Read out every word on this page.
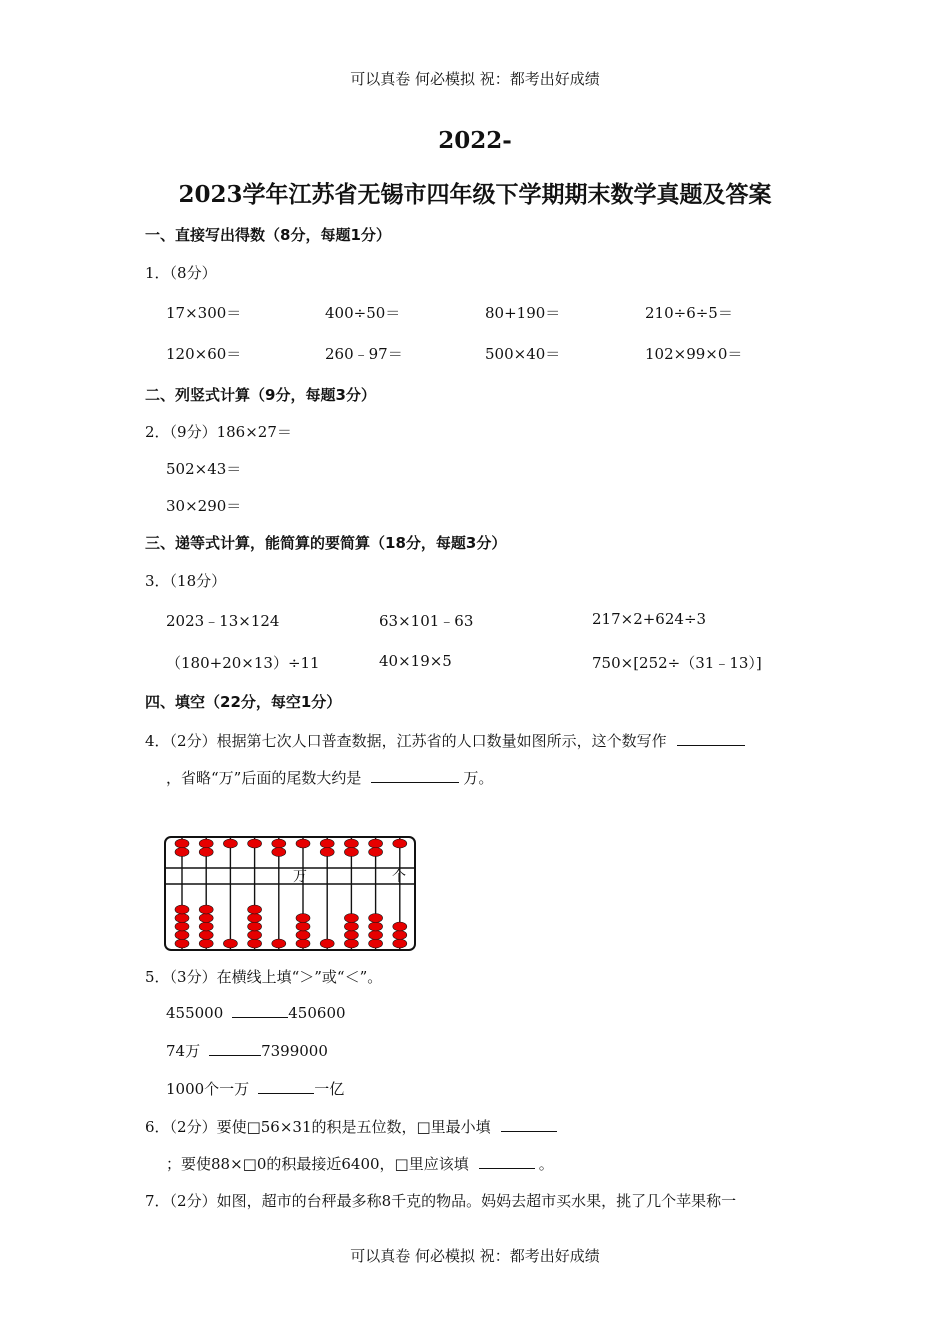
可以真卷 何必模拟 祝：都考出好成绩
2022-
2023学年江苏省无锡市四年级下学期期末数学真题及答案
一、直接写出得数（8分，每题1分）
1．（8分）
17×300＝	400÷50＝	80+190＝	210÷6÷5＝
120×60＝	260﹣97＝	500×40＝	102×99×0＝
二、列竖式计算（9分，每题3分）
2．（9分）186×27＝
502×43＝
30×290＝
三、递等式计算，能简算的要简算（18分，每题3分）
3．（18分）
2023﹣13×124	63×101﹣63	217×2+624÷3
（180+20×13）÷11	40×19×5	750×[252÷（31﹣13）]
四、填空（22分，每空1分）
4．（2分）根据第七次人口普查数据，江苏省的人口数量如图所示，这个数写作
，省略“万”后面的尾数大约是	万。
万	个
5．（3分）在横线上填“＞”或“＜”。
455000	450600
74万	7399000
1000个一万	一亿
6．（2分）要使□56×31的积是五位数，□里最小填
；要使88×□0的积最接近6400，□里应该填	。
7．（2分）如图，超市的台秤最多称8千克的物品。妈妈去超市买水果，挑了几个苹果称一
可以真卷 何必模拟 祝：都考出好成绩
